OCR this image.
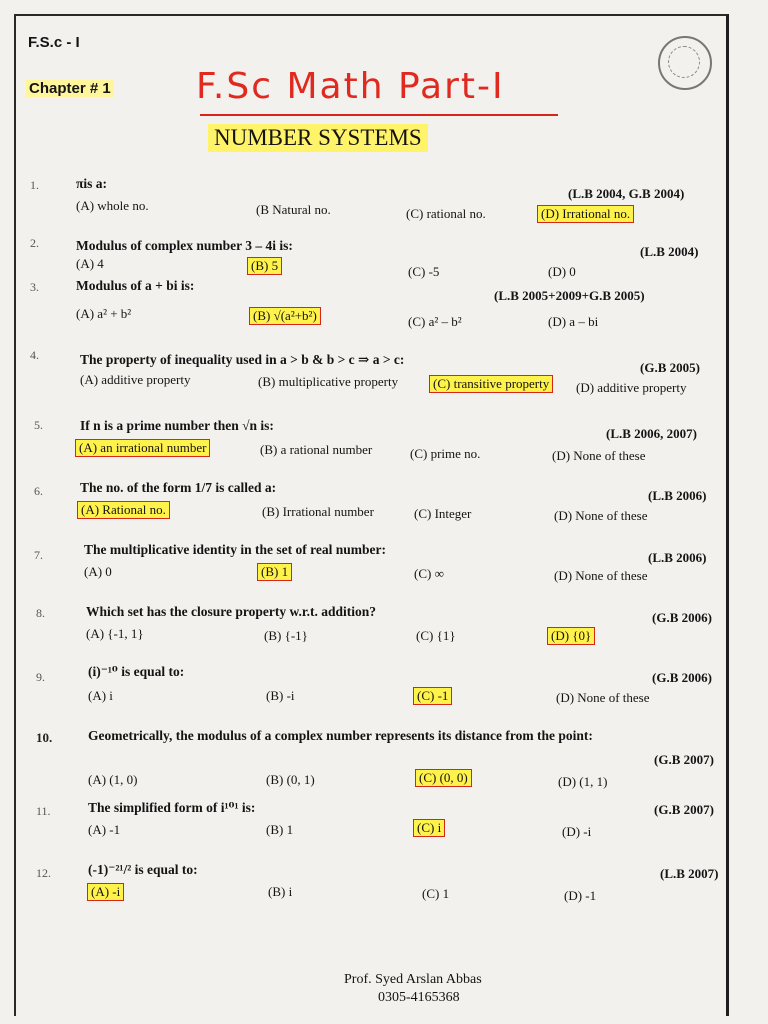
F.S.c - I
Chapter # 1 F.Sc Math Part-I
NUMBER SYSTEMS
1.	πis a:
(L.B 2004, G.B 2004)
(A) whole no.	(B Natural no.	(C) rational no.	(D) Irrational no.
2.	Modulus of complex number 3 – 4i is:	(L.B 2004)
(A) 4	(B) 5	(C) -5	(D) 0
3.	Modulus of a + bi is:
(L.B 2005+2009+G.B 2005)
(A) a² + b²	(B) √(a²+b²)	(C) a² – b²	(D) a – bi
4.	The property of inequality used in a > b & b > c ⇒ a > c:
(G.B 2005)
(A) additive property	(B) multiplicative property	(C) transitive property (D) additive property
5.	If n is a prime number then √n is:
(L.B 2006, 2007)
(A) an irrational number	(B) a rational number	(C) prime no.	(D) None of these
6.	The no. of the form 1/7 is called a:
(L.B 2006)
(A) Rational no.	(B) Irrational number	(C) Integer	(D) None of these
7.	The multiplicative identity in the set of real number:
(L.B 2006)
(A) 0	(B) 1	(C) ∞	(D) None of these
8.	Which set has the closure property w.r.t. addition?	(G.B 2006)
(A) {-1, 1}	(B) {-1}	(C) {1}	(D) {0}
9.	(i)⁻¹⁰ is equal to:	(G.B 2006)
(A) i	(B) -i	(C) -1	(D) None of these
10.	Geometrically, the modulus of a complex number represents its distance from the point:
(G.B 2007)
(A) (1, 0)	(B) (0, 1)	(C) (0, 0)	(D) (1, 1)
11.	The simplified form of i¹⁰¹ is:	(G.B 2007)
(A) -1	(B) 1	(C) i	(D) -i
12.	(-1)⁻²¹/² is equal to:	(L.B 2007)
(A) -i	(B) i	(C) 1	(D) -1
Prof. Syed Arslan Abbas
0305-4165368
